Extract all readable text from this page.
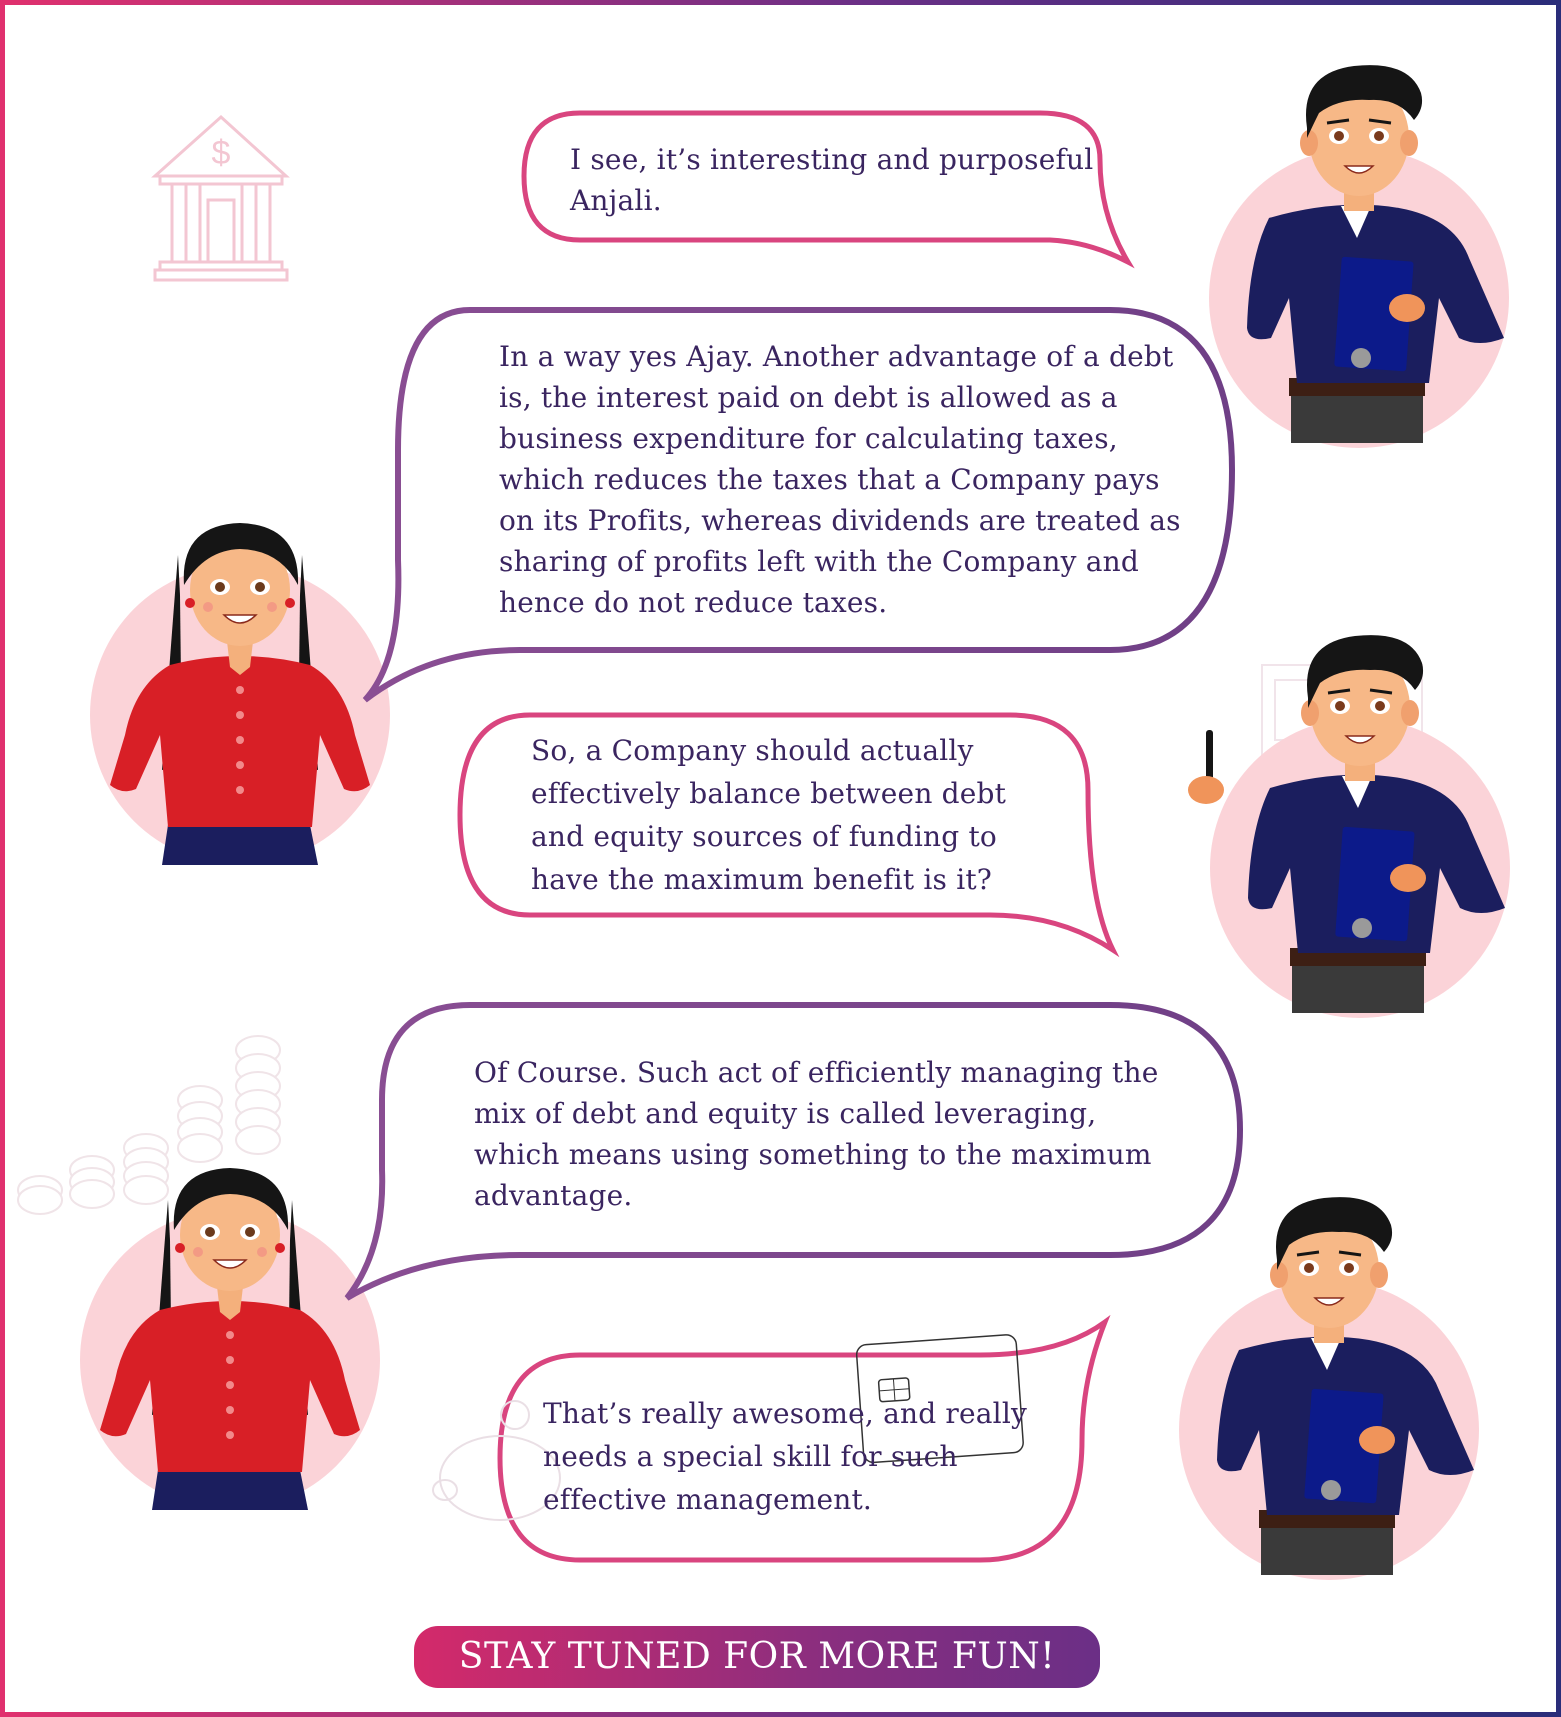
$	I see, it’s interesting and purposeful
Anjali.
In a way yes Ajay. Another advantage of a debt
is, the interest paid on debt is allowed as a
business expenditure for calculating taxes,
which reduces the taxes that a Company pays
on its Profits, whereas dividends are treated as
sharing of profits left with the Company and
hence do not reduce taxes.
So, a Company should actually
effectively balance between debt
and equity sources of funding to
have the maximum benefit is it?
Of Course. Such act of efficiently managing the
mix of debt and equity is called leveraging,
which means using something to the maximum
advantage.
That’s really awesome, and really
needs a special skill for such
effective management.
STAY TUNED FOR MORE FUN!
